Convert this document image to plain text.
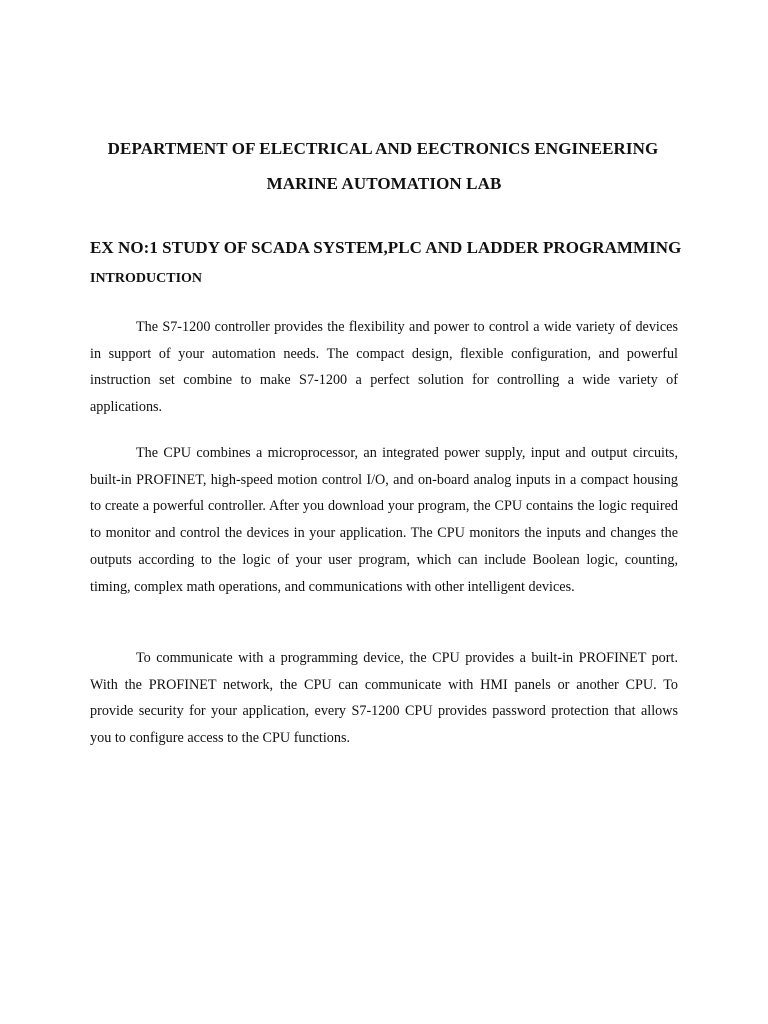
DEPARTMENT OF ELECTRICAL AND EECTRONICS ENGINEERING
MARINE AUTOMATION LAB
EX NO:1 STUDY OF SCADA SYSTEM,PLC AND LADDER PROGRAMMING
INTRODUCTION

The S7-1200 controller provides the flexibility and power to control a wide variety of devices in support of your automation needs. The compact design, flexible configuration, and powerful instruction set combine to make S7-1200 a perfect solution for controlling a wide variety of applications.

The CPU combines a microprocessor, an integrated power supply, input and output circuits, built-in PROFINET, high-speed motion control I/O, and on-board analog inputs in a compact housing to create a powerful controller. After you download your program, the CPU contains the logic required to monitor and control the devices in your application. The CPU monitors the inputs and changes the outputs according to the logic of your user program, which can include Boolean logic, counting, timing, complex math operations, and communications with other intelligent devices.

To communicate with a programming device, the CPU provides a built-in PROFINET port. With the PROFINET network, the CPU can communicate with HMI panels or another CPU. To provide security for your application, every S7-1200 CPU provides password protection that allows you to configure access to the CPU functions.
